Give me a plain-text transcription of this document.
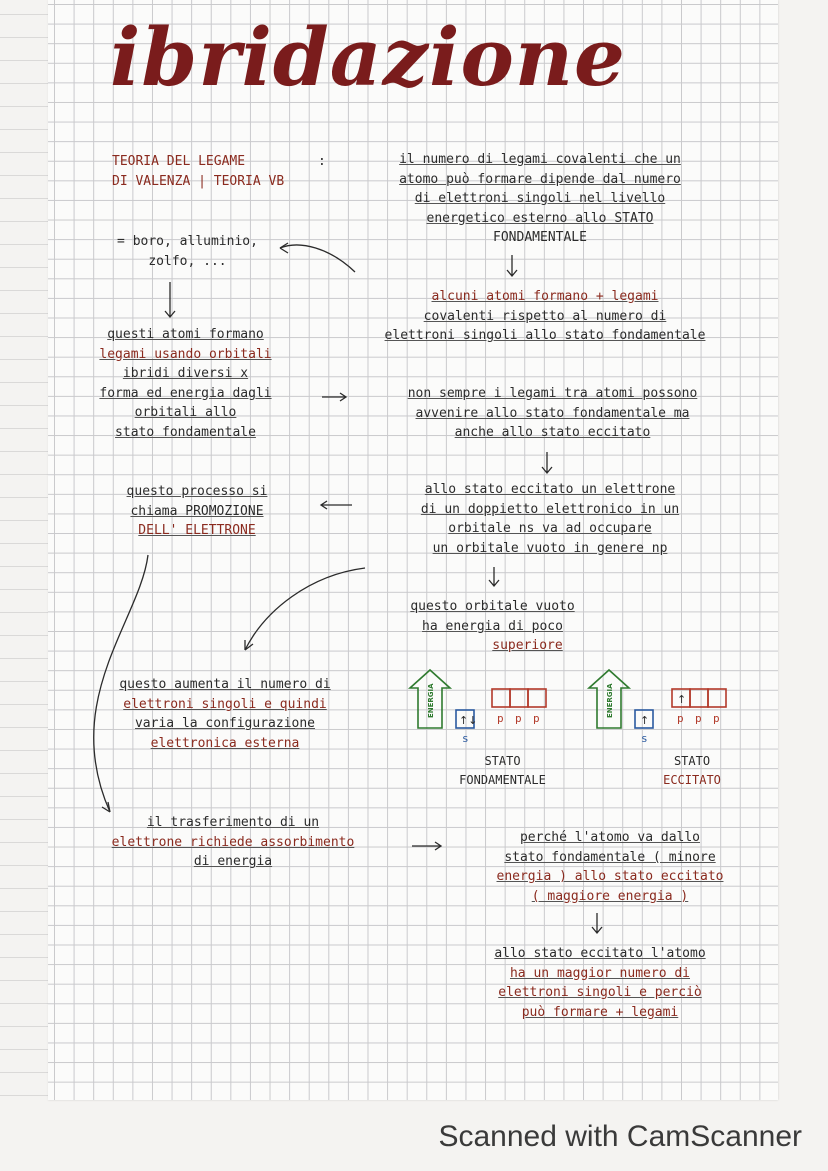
ibridazione
TEORIA DEL LEGAME
DI VALENZA | TEORIA VB
:	il numero di legami covalenti che un
atomo può formare dipende dal numero
di elettroni singoli nel livello
energetico esterno allo STATO
FONDAMENTALE
= boro, alluminio,
zolfo, ...
alcuni atomi formano + legami
covalenti rispetto al numero di
elettroni singoli allo stato fondamentale
questi atomi formano
legami usando orbitali
ibridi diversi x
forma ed energia dagli
orbitali allo
stato fondamentale
non sempre i legami tra atomi possono
avvenire allo stato fondamentale ma
anche allo stato eccitato
questo processo si
chiama PROMOZIONE
DELL' ELETTRONE
allo stato eccitato un elettrone
di un doppietto elettronico in un
orbitale ns va ad occupare
un orbitale vuoto in genere np
questo orbitale vuoto
ha energia di poco
superiore
questo aumenta il numero di
elettroni singoli e quindi
varia la configurazione
elettronica esterna
il trasferimento di un
elettrone richiede assorbimento
di energia
perché l'atomo va dallo
stato fondamentale ( minore
energia ) allo stato eccitato
( maggiore energia )
allo stato eccitato l'atomo
ha un maggior numero di
elettroni singoli e perciò
può formare + legami
ENERGIA
↑↓
s
p p p
ENERGIA
↑
s
↑
p p p
STATO
FONDAMENTALE
STATO
ECCITATO
Scanned with CamScanner
